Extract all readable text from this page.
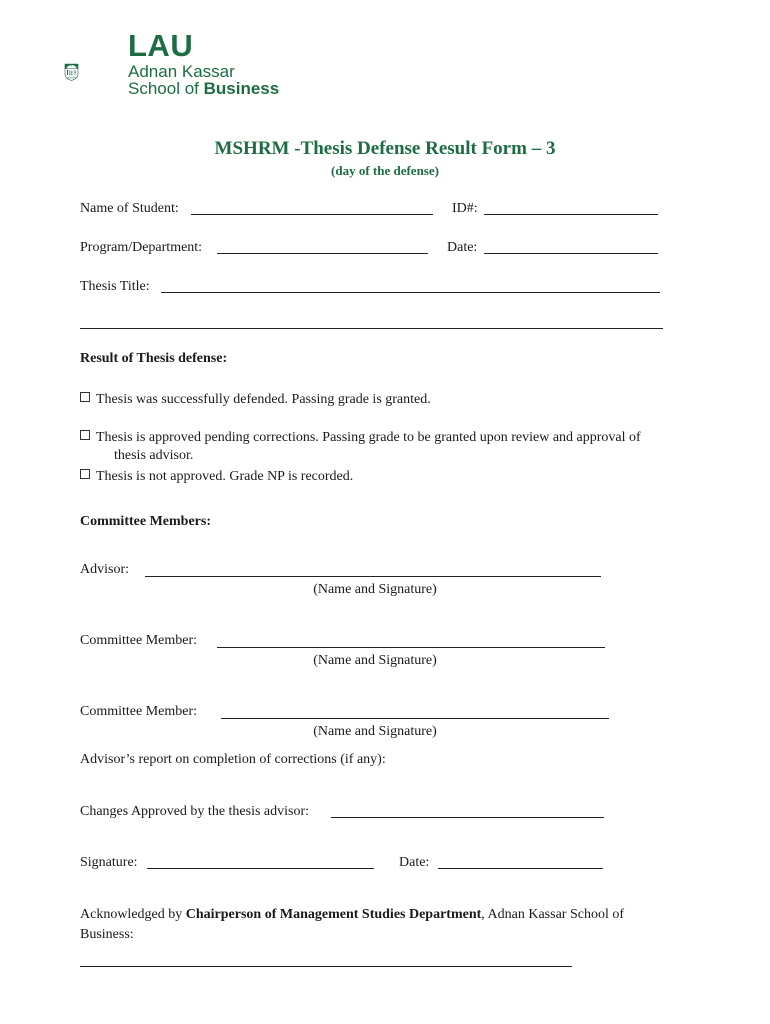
LAU
Adnan Kassar
School of Business
MSHRM -Thesis Defense Result Form – 3
(day of the defense)
Name of Student:	ID#:
Program/Department:	Date:
Thesis Title:
Result of Thesis defense:
Thesis was successfully defended. Passing grade is granted.
Thesis is approved pending corrections. Passing grade to be granted upon review and approval of
thesis advisor.
Thesis is not approved. Grade NP is recorded.
Committee Members:
Advisor:
(Name and Signature)
Committee Member:
(Name and Signature)
Committee Member:
(Name and Signature)
Advisor’s report on completion of corrections (if any):
Changes Approved by the thesis advisor:
Signature:	Date:
Acknowledged by Chairperson of Management Studies Department, Adnan Kassar School of
Business:
